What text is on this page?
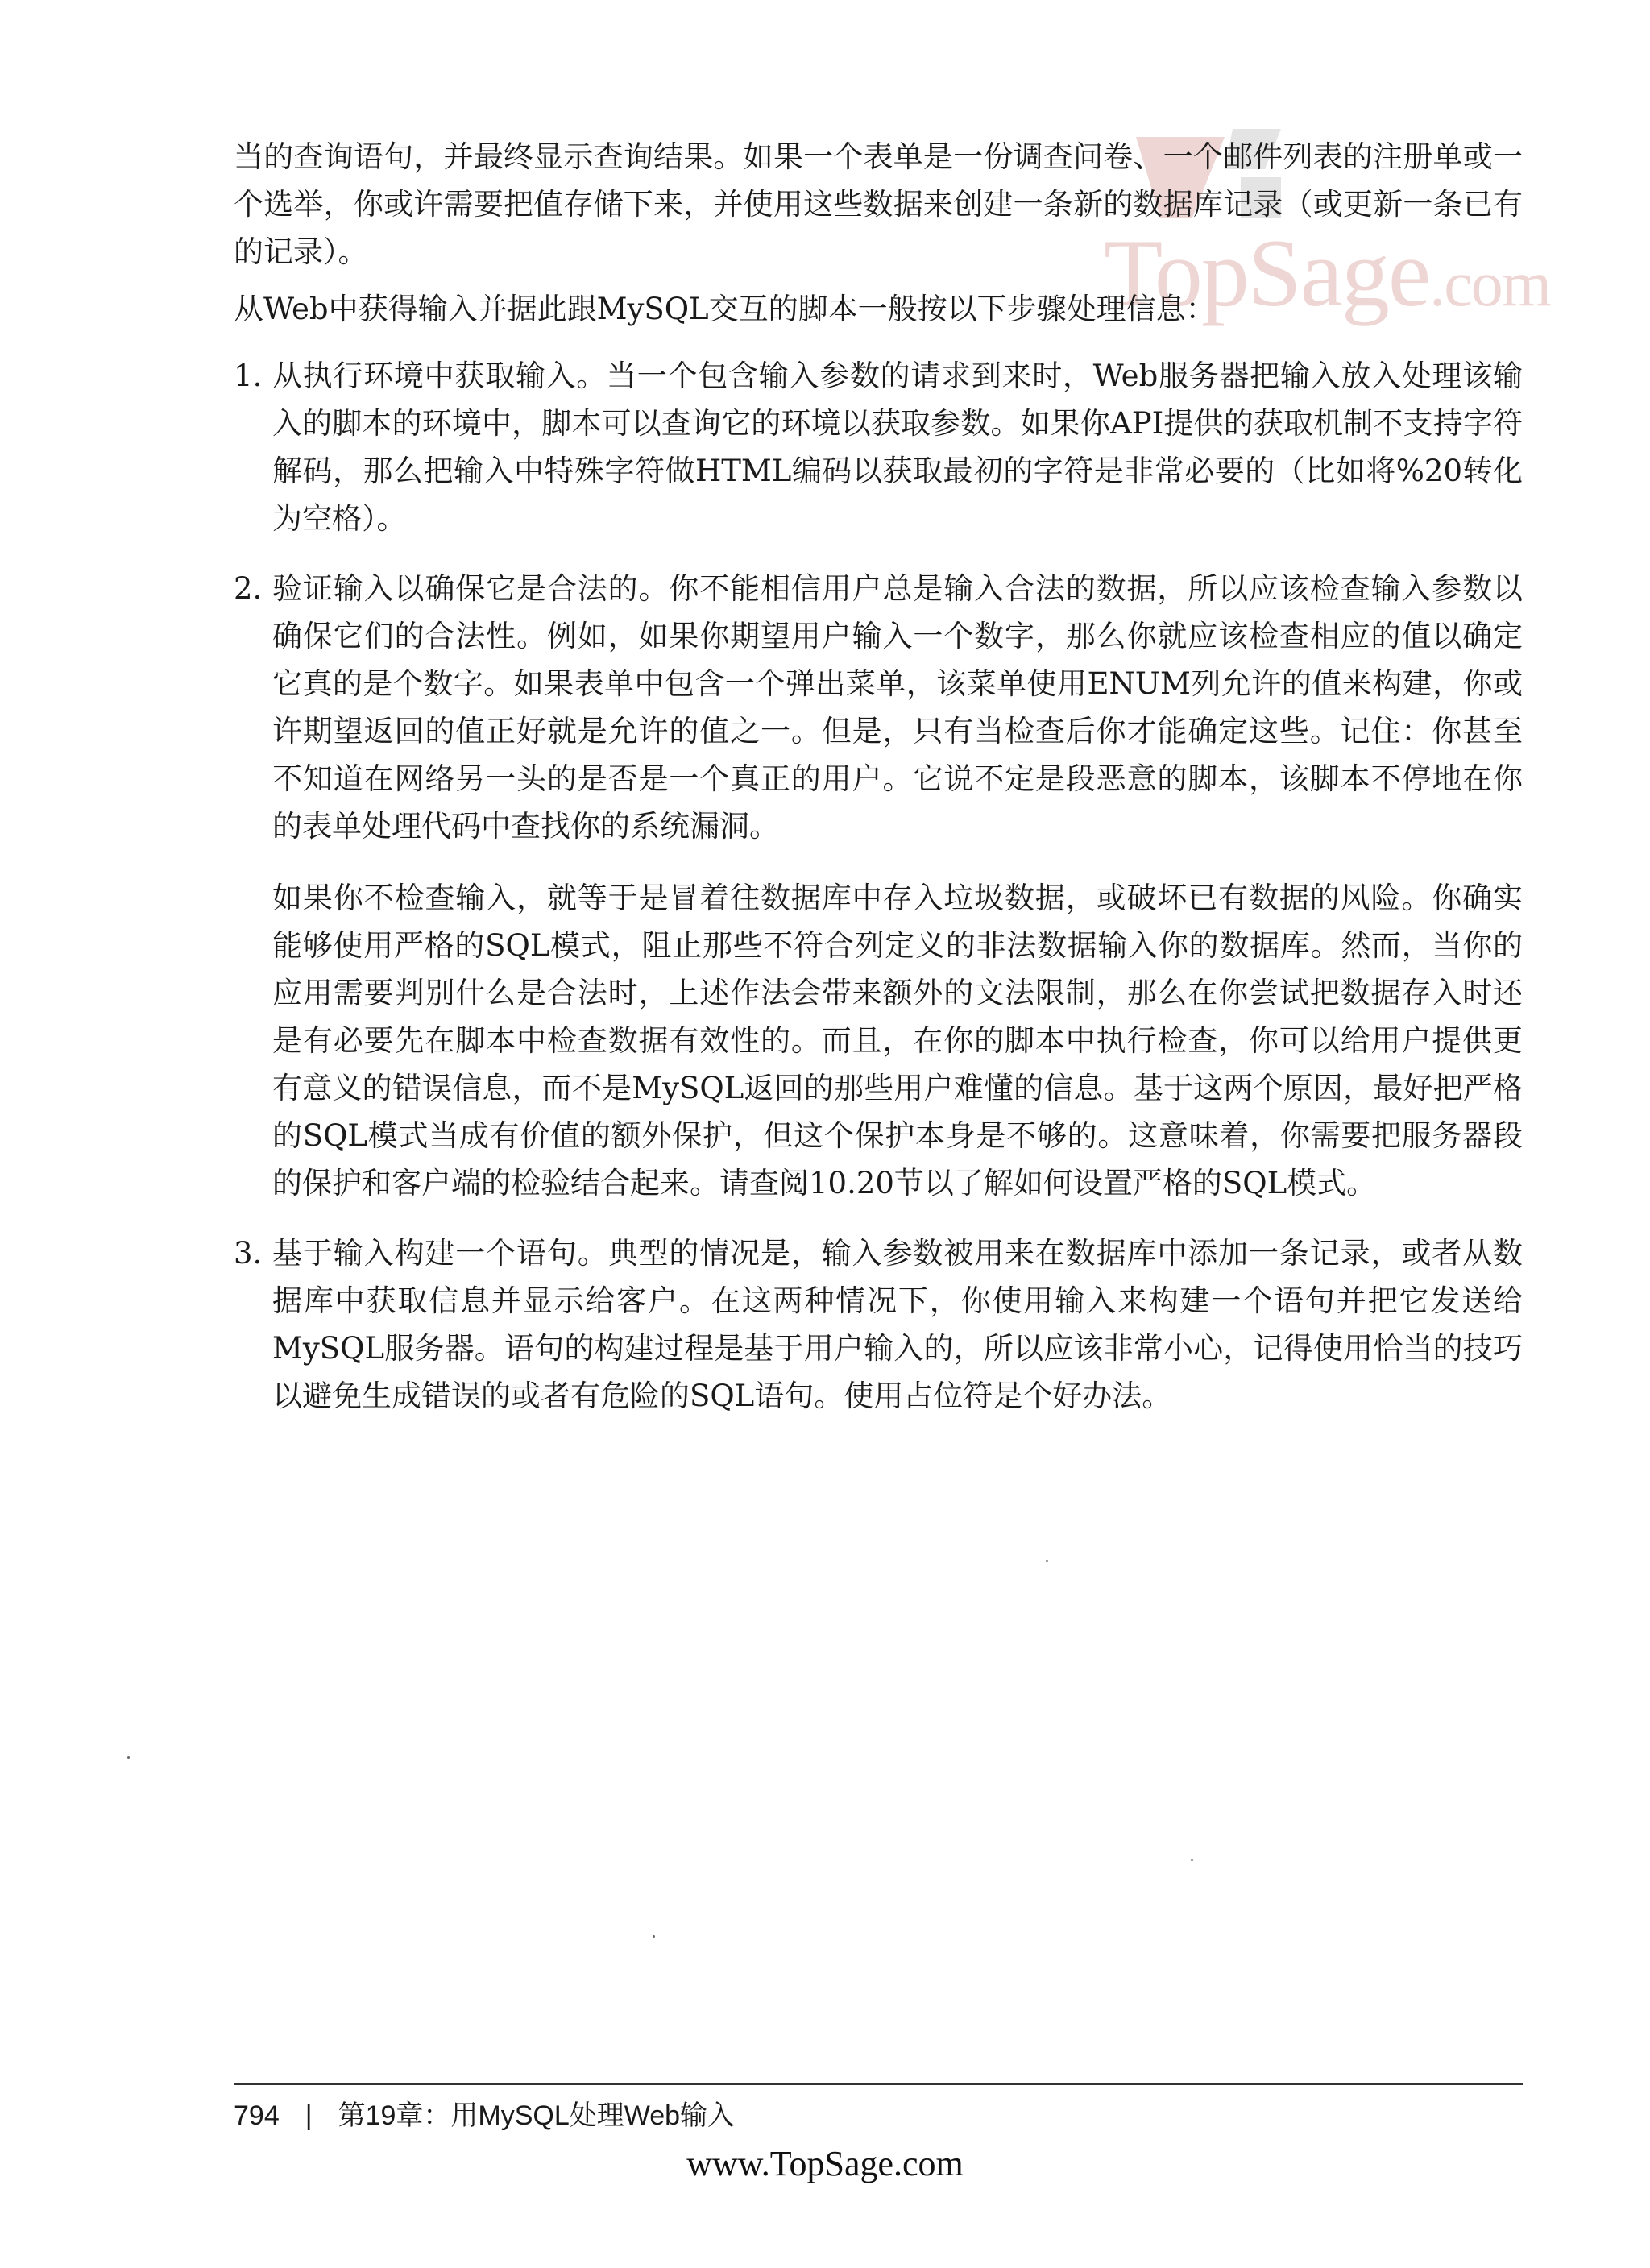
TopSage.com

当的查询语句，并最终显示查询结果。如果一个表单是一份调查问卷、一个邮件列表的注册单或一个选举，你或许需要把值存储下来，并使用这些数据来创建一条新的数据库记录（或更新一条已有的记录）。

从Web中获得输入并据此跟MySQL交互的脚本一般按以下步骤处理信息：

1. 从执行环境中获取输入。当一个包含输入参数的请求到来时，Web服务器把输入放入处理该输入的脚本的环境中，脚本可以查询它的环境以获取参数。如果你API提供的获取机制不支持字符解码，那么把输入中特殊字符做HTML编码以获取最初的字符是非常必要的（比如将%20转化为空格）。

2. 验证输入以确保它是合法的。你不能相信用户总是输入合法的数据，所以应该检查输入参数以确保它们的合法性。例如，如果你期望用户输入一个数字，那么你就应该检查相应的值以确定它真的是个数字。如果表单中包含一个弹出菜单，该菜单使用ENUM列允许的值来构建，你或许期望返回的值正好就是允许的值之一。但是，只有当检查后你才能确定这些。记住：你甚至不知道在网络另一头的是否是一个真正的用户。它说不定是段恶意的脚本，该脚本不停地在你的表单处理代码中查找你的系统漏洞。

如果你不检查输入，就等于是冒着往数据库中存入垃圾数据，或破坏已有数据的风险。你确实能够使用严格的SQL模式，阻止那些不符合列定义的非法数据输入你的数据库。然而，当你的应用需要判别什么是合法时，上述作法会带来额外的文法限制，那么在你尝试把数据存入时还是有必要先在脚本中检查数据有效性的。而且，在你的脚本中执行检查，你可以给用户提供更有意义的错误信息，而不是MySQL返回的那些用户难懂的信息。基于这两个原因，最好把严格的SQL模式当成有价值的额外保护，但这个保护本身是不够的。这意味着，你需要把服务器段的保护和客户端的检验结合起来。请查阅10.20节以了解如何设置严格的SQL模式。

3. 基于输入构建一个语句。典型的情况是，输入参数被用来在数据库中添加一条记录，或者从数据库中获取信息并显示给客户。在这两种情况下，你使用输入来构建一个语句并把它发送给MySQL服务器。语句的构建过程是基于用户输入的，所以应该非常小心，记得使用恰当的技巧以避免生成错误的或者有危险的SQL语句。使用占位符是个好办法。

794 | 第19章：用MySQL处理Web输入
www.TopSage.com
